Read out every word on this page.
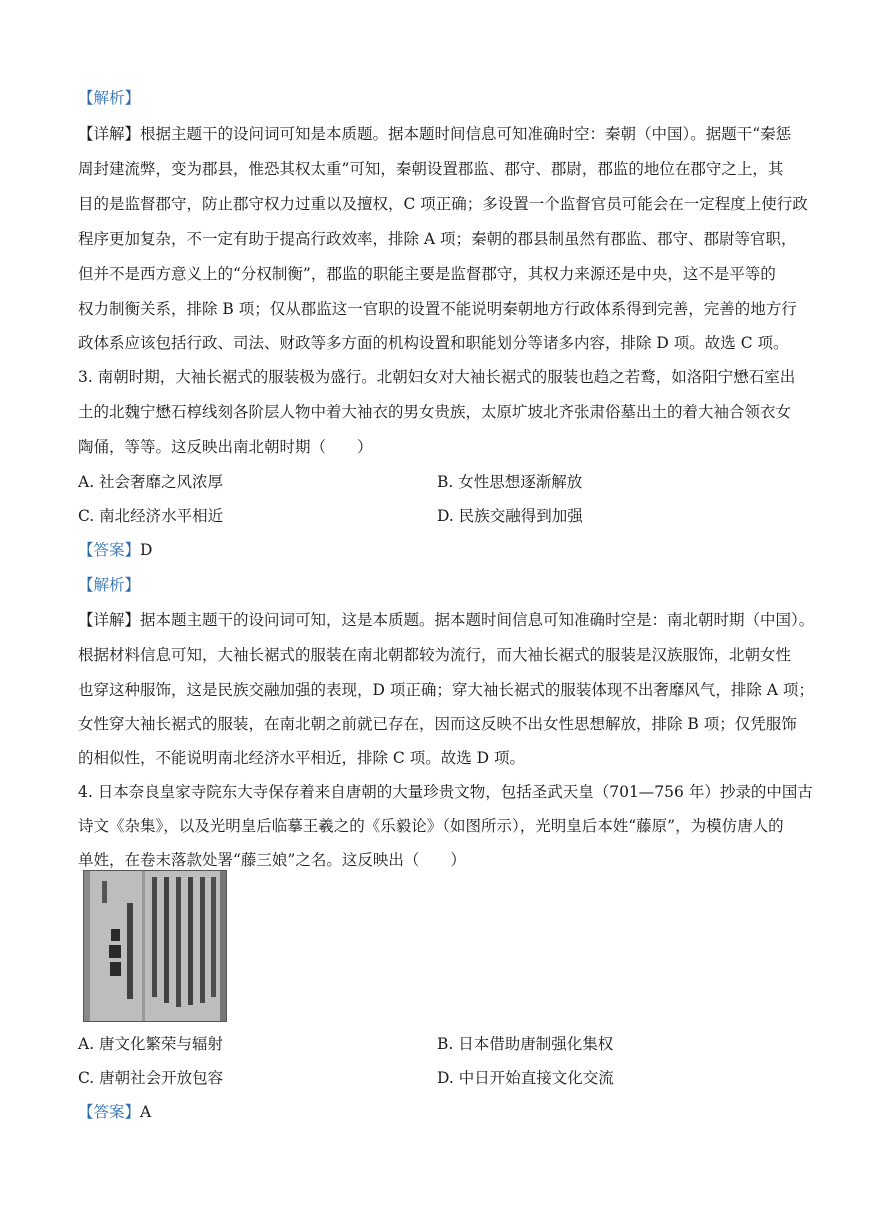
【解析】
【详解】根据主题干的设问词可知是本质题。据本题时间信息可知准确时空：秦朝（中国）。据题干“秦惩
周封建流弊，变为郡县，惟恐其权太重”可知，秦朝设置郡监、郡守、郡尉，郡监的地位在郡守之上，其
目的是监督郡守，防止郡守权力过重以及擅权，C 项正确；多设置一个监督官员可能会在一定程度上使行政
程序更加复杂，不一定有助于提高行政效率，排除 A 项；秦朝的郡县制虽然有郡监、郡守、郡尉等官职，
但并不是西方意义上的“分权制衡”，郡监的职能主要是监督郡守，其权力来源还是中央，这不是平等的
权力制衡关系，排除 B 项；仅从郡监这一官职的设置不能说明秦朝地方行政体系得到完善，完善的地方行
政体系应该包括行政、司法、财政等多方面的机构设置和职能划分等诸多内容，排除 D 项。故选 C 项。
3. 南朝时期，大袖长裾式的服装极为盛行。北朝妇女对大袖长裾式的服装也趋之若鹜，如洛阳宁懋石室出
土的北魏宁懋石椁线刻各阶层人物中着大袖衣的男女贵族，太原圹坡北齐张肃俗墓出土的着大袖合领衣女
陶俑，等等。这反映出南北朝时期（　　）
A. 社会奢靡之风浓厚	B. 女性思想逐渐解放
C. 南北经济水平相近	D. 民族交融得到加强
【答案】D
【解析】
【详解】据本题主题干的设问词可知，这是本质题。据本题时间信息可知准确时空是：南北朝时期（中国）。
根据材料信息可知，大袖长裾式的服装在南北朝都较为流行，而大袖长裾式的服装是汉族服饰，北朝女性
也穿这种服饰，这是民族交融加强的表现，D 项正确；穿大袖长裾式的服装体现不出奢靡风气，排除 A 项；
女性穿大袖长裾式的服装，在南北朝之前就已存在，因而这反映不出女性思想解放，排除 B 项；仅凭服饰
的相似性，不能说明南北经济水平相近，排除 C 项。故选 D 项。
4. 日本奈良皇家寺院东大寺保存着来自唐朝的大量珍贵文物，包括圣武天皇（701—756 年）抄录的中国古
诗文《杂集》，以及光明皇后临摹王羲之的《乐毅论》（如图所示），光明皇后本姓“藤原”，为模仿唐人的
单姓，在卷末落款处署“藤三娘”之名。这反映出（　　）
A. 唐文化繁荣与辐射	B. 日本借助唐制强化集权
C. 唐朝社会开放包容	D. 中日开始直接文化交流
【答案】A
